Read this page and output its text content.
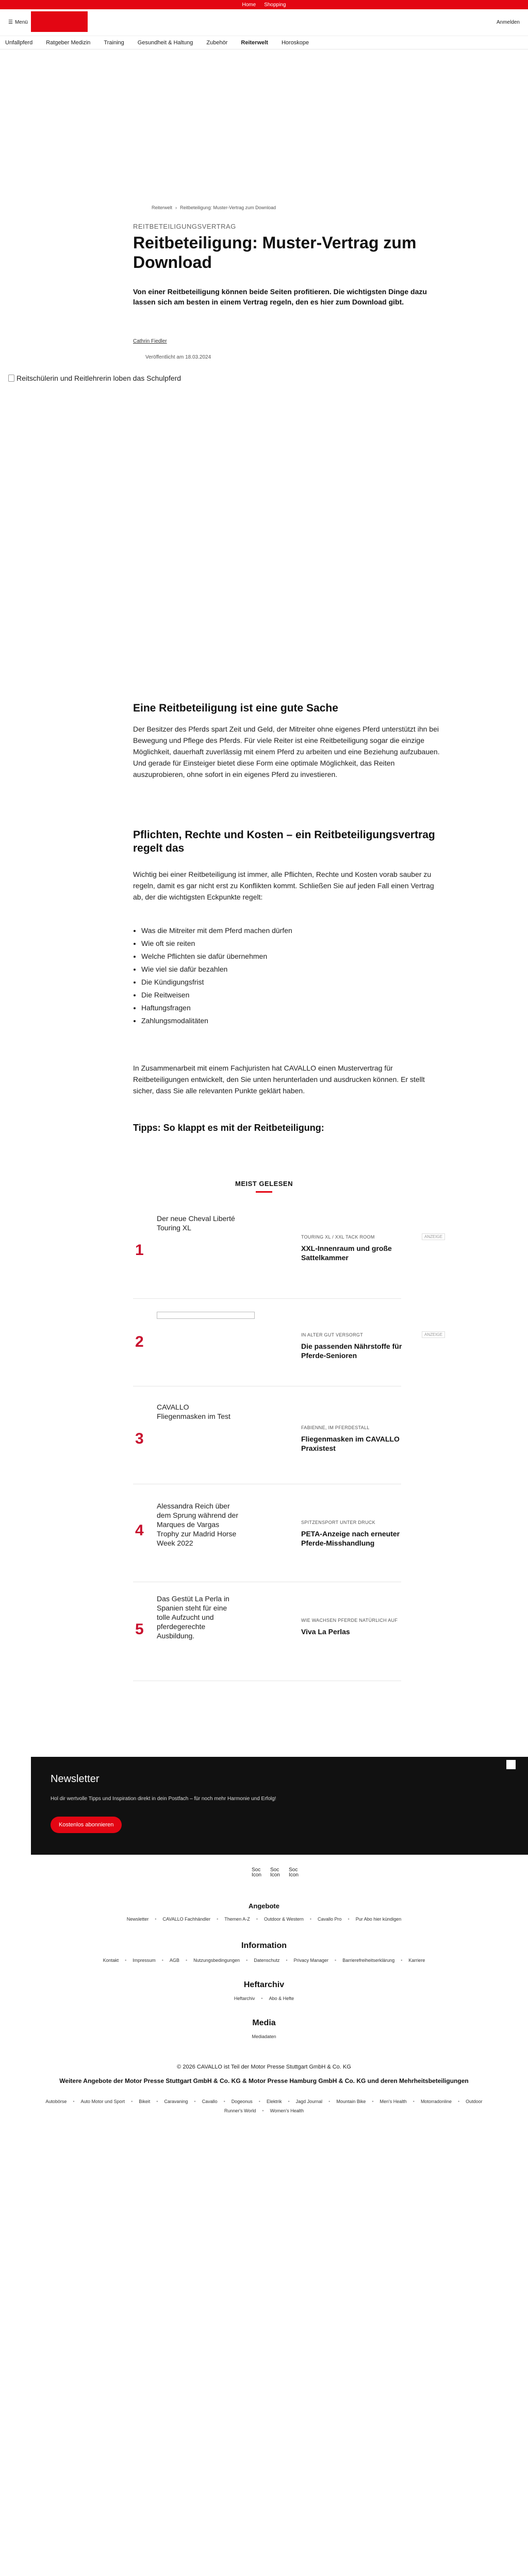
Home Shopping
☰ Menü	Anmelden
Unfallpferd Ratgeber Medizin Training Gesundheit & Haltung Zubehör Reiterwelt Horoskope
Reiterwelt › Reitbeteiligung: Muster-Vertrag zum Download
REITBETEILIGUNGSVERTRAG
Reitbeteiligung: Muster-Vertrag zum Download
Von einer Reitbeteiligung können beide Seiten profitieren. Die wichtigsten Dinge dazu lassen sich am besten in einem Vertrag regeln, den es hier zum Download gibt.
Cathrin Fiedler
Veröffentlicht am 18.03.2024
Reitschülerin und Reitlehrerin loben das Schulpferd
Eine Reitbeteiligung ist eine gute Sache

Der Besitzer des Pferds spart Zeit und Geld, der Mitreiter ohne eigenes Pferd unterstützt ihn bei Bewegung und Pflege des Pferds. Für viele Reiter ist eine Reitbeteiligung sogar die einzige Möglichkeit, dauerhaft zuverlässig mit einem Pferd zu arbeiten und eine Beziehung aufzubauen. Und gerade für Einsteiger bietet diese Form eine optimale Möglichkeit, das Reiten auszuprobieren, ohne sofort in ein eigenes Pferd zu investieren.

Pflichten, Rechte und Kosten – ein Reitbeteiligungsvertrag regelt das

Wichtig bei einer Reitbeteiligung ist immer, alle Pflichten, Rechte und Kosten vorab sauber zu regeln, damit es gar nicht erst zu Konflikten kommt. Schließen Sie auf jeden Fall einen Vertrag ab, der die wichtigsten Eckpunkte regelt:

• Was die Mitreiter mit dem Pferd machen dürfen
• Wie oft sie reiten
• Welche Pflichten sie dafür übernehmen
• Wie viel sie dafür bezahlen
• Die Kündigungsfrist
• Die Reitweisen
• Haftungsfragen
• Zahlungsmodalitäten

In Zusammenarbeit mit einem Fachjuristen hat CAVALLO einen Mustervertrag für Reitbeteiligungen entwickelt, den Sie unten herunterladen und ausdrucken können. Er stellt sicher, dass Sie alle relevanten Punkte geklärt haben.

Tipps: So klappt es mit der Reitbeteiligung:
MEIST GELESEN
1
Der neue Cheval Liberté Touring XL
TOURING XL / XXL TACK ROOM	ANZEIGE
XXL-Innenraum und große Sattelkammer
2	IN ALTER GUT VERSORGT	ANZEIGE
Die passenden Nährstoffe für Pferde-Senioren
3
CAVALLO Fliegenmasken im Test
FABIENNE, IM PFERDESTALL
Fliegenmasken im CAVALLO Praxistest
4
Alessandra Reich über dem Sprung während der Marques de Vargas Trophy zur Madrid Horse Week 2022
SPITZENSPORT UNTER DRUCK
PETA-Anzeige nach erneuter Pferde-Misshandlung
5
Das Gestüt La Perla in Spanien steht für eine tolle Aufzucht und pferdegerechte Ausbildung.
WIE WACHSEN PFERDE NATÜRLICH AUF
Viva La Perlas
Newsletter

Hol dir wertvolle Tipps und Inspiration direkt in dein Postfach – für noch mehr Harmonie und Erfolg!

Kostenlos abonnieren
Soc Icon
Soc Icon
Soc Icon
Angebote
Newsletter • CAVALLO Fachhändler • Themen A-Z • Outdoor & Western • Cavallo Pro • Pur Abo hier kündigen
Information
Kontakt • Impressum • AGB • Nutzungsbedingungen • Datenschutz • Privacy Manager • Barrierefreiheitserklärung • Karriere
Heftarchiv
Heftarchiv • Abo & Hefte
Media
Mediadaten
© 2026 CAVALLO ist Teil der Motor Presse Stuttgart GmbH & Co. KG
Weitere Angebote der Motor Presse Stuttgart GmbH & Co. KG & Motor Presse Hamburg GmbH & Co. KG und deren Mehrheitsbeteiligungen
Autobörse • Auto Motor und Sport • Bikeit • Caravaning • Cavallo • Dogeonus • Elektrik • Jagd Journal • Mountain Bike • Men's Health • Motorradonline • Outdoor
Runner's World • Women's Health
